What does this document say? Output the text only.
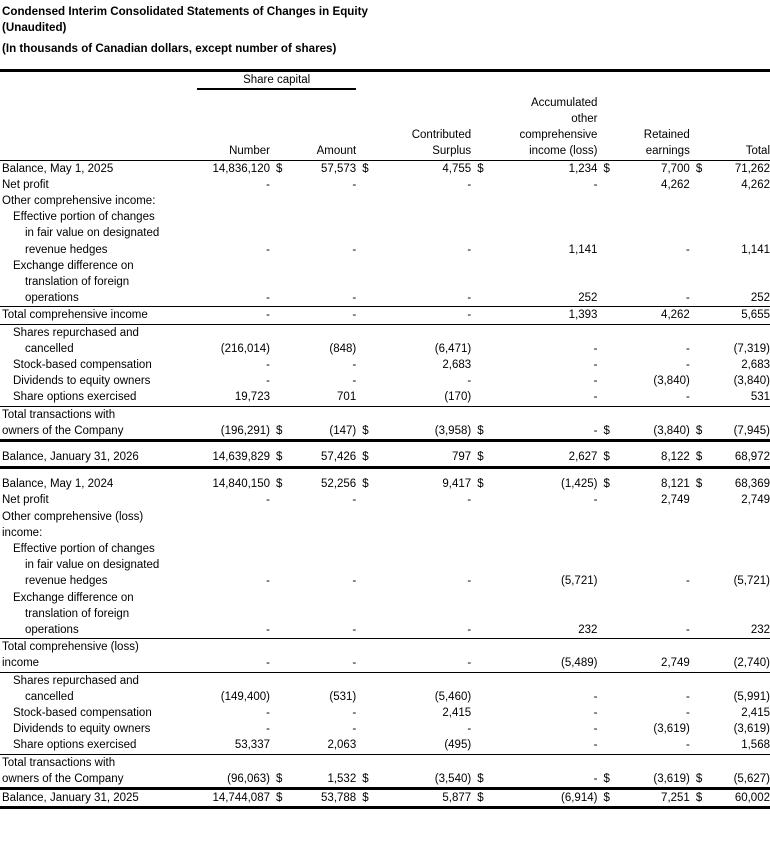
Condensed Interim Consolidated Statements of Changes in Equity
(Unaudited)
(In thousands of Canadian dollars, except number of shares)
	Share capital										

							Accumulated				
							other				
					Contributed		comprehensive		Retained		
	Number		Amount		Surplus		income (loss)		earnings		Total
Balance, May 1, 2025	14,836,120	$	57,573	$	4,755	$	1,234	$	7,700	$	71,262
Net profit	-		-		-		-		4,262		4,262
Other comprehensive income:											
Effective portion of changes											
in fair value on designated											
revenue hedges	-		-		-		1,141		-		1,141
Exchange difference on											
translation of foreign											
operations	-		-		-		252		-		252
Total comprehensive income	-		-		-		1,393		4,262		5,655
Shares repurchased and											
cancelled	(216,014)		(848)		(6,471)		-		-		(7,319)
Stock-based compensation	-		-		2,683		-		-		2,683
Dividends to equity owners	-		-		-		-		(3,840)		(3,840)
Share options exercised	19,723		701		(170)		-		-		531
Total transactions with											
owners of the Company	(196,291)	$	(147)	$	(3,958)	$	-	$	(3,840)	$	(7,945)

Balance, January 31, 2026	14,639,829	$	57,426	$	797	$	2,627	$	8,122	$	68,972

Balance, May 1, 2024	14,840,150	$	52,256	$	9,417	$	(1,425)	$	8,121	$	68,369
Net profit	-		-		-		-		2,749		2,749
Other comprehensive (loss)											
income:											
Effective portion of changes											
in fair value on designated											
revenue hedges	-		-		-		(5,721)		-		(5,721)
Exchange difference on											
translation of foreign											
operations	-		-		-		232		-		232
Total comprehensive (loss)											
income	-		-		-		(5,489)		2,749		(2,740)
Shares repurchased and											
cancelled	(149,400)		(531)		(5,460)		-		-		(5,991)
Stock-based compensation	-		-		2,415		-		-		2,415
Dividends to equity owners	-		-		-		-		(3,619)		(3,619)
Share options exercised	53,337		2,063		(495)		-		-		1,568
Total transactions with											
owners of the Company	(96,063)	$	1,532	$	(3,540)	$	-	$	(3,619)	$	(5,627)
Balance, January 31, 2025	14,744,087	$	53,788	$	5,877	$	(6,914)	$	7,251	$	60,002
